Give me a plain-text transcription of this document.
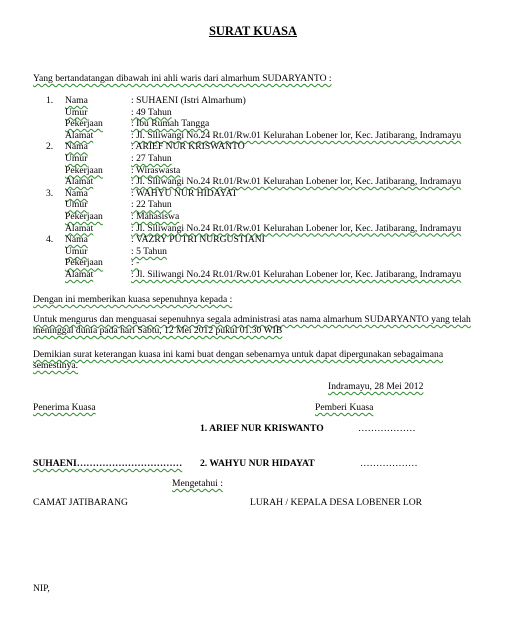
SURAT KUASA
Yang bertandatangan dibawah ini ahli waris dari almarhum SUDARYANTO :
1. Nama	: SUHAENI (Istri Almarhum)
Umur	: 49 Tahun
Pekerjaan	: Ibu Rumah Tangga
Alamat	: Jl. Siliwangi No.24 Rt.01/Rw.01 Kelurahan Lobener lor, Kec. Jatibarang, Indramayu
2. Nama	: ARIEF NUR KRISWANTO
Umur	: 27 Tahun
Pekerjaan	: Wiraswasta
Alamat	: Jl. Siliwangi No.24 Rt.01/Rw.01 Kelurahan Lobener lor, Kec. Jatibarang, Indramayu
3. Nama	: WAHYU NUR HIDAYAT
Umur	: 22 Tahun
Pekerjaan	: Mahasiswa
Alamat	: Jl. Siliwangi No.24 Rt.01/Rw.01 Kelurahan Lobener lor, Kec. Jatibarang, Indramayu
4. Nama	: VAZRY PUTRI NURGUSTIANI
Umur	: 5 Tahun
Pekerjaan	: -
Alamat	: Jl. Siliwangi No.24 Rt.01/Rw.01 Kelurahan Lobener lor, Kec. Jatibarang, Indramayu
Dengan ini memberikan kuasa sepenuhnya kepada :
Untuk mengurus dan menguasai sepenuhnya segala administrasi atas nama almarhum SUDARYANTO yang telah meninggal dunia pada hari Sabtu, 12 Mei 2012 pukul 01.30 WIB
Demikian surat keterangan kuasa ini kami buat dengan sebenarnya untuk dapat dipergunakan sebagaimana semestinya.
Indramayu, 28 Mei 2012
Penerima Kuasa	Pemberi Kuasa
1. ARIEF NUR KRISWANTO	………………
SUHAENI…………………………… 2. WAHYU NUR HIDAYAT	………………
Mengetahui :
CAMAT JATIBARANG	LURAH / KEPALA DESA LOBENER LOR
NIP,
